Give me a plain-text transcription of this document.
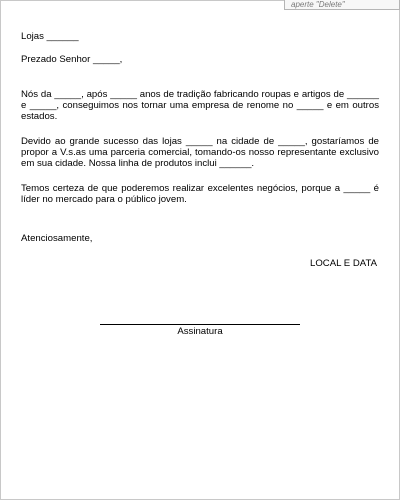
aperte "Delete"

Lojas ______

Prezado Senhor _____,

Nós da _____, após _____ anos de tradição fabricando roupas e artigos de ______ e _____, conseguimos nos tornar uma empresa de renome no _____ e em outros estados.

Devido ao grande sucesso das lojas _____ na cidade de _____, gostaríamos de propor a V.s.as uma parceria comercial, tomando-os nosso representante exclusivo em sua cidade. Nossa linha de produtos inclui ______.

Temos certeza de que poderemos realizar excelentes negócios, porque a _____ é líder no mercado para o público jovem.

Atenciosamente,

LOCAL E DATA
Assinatura
